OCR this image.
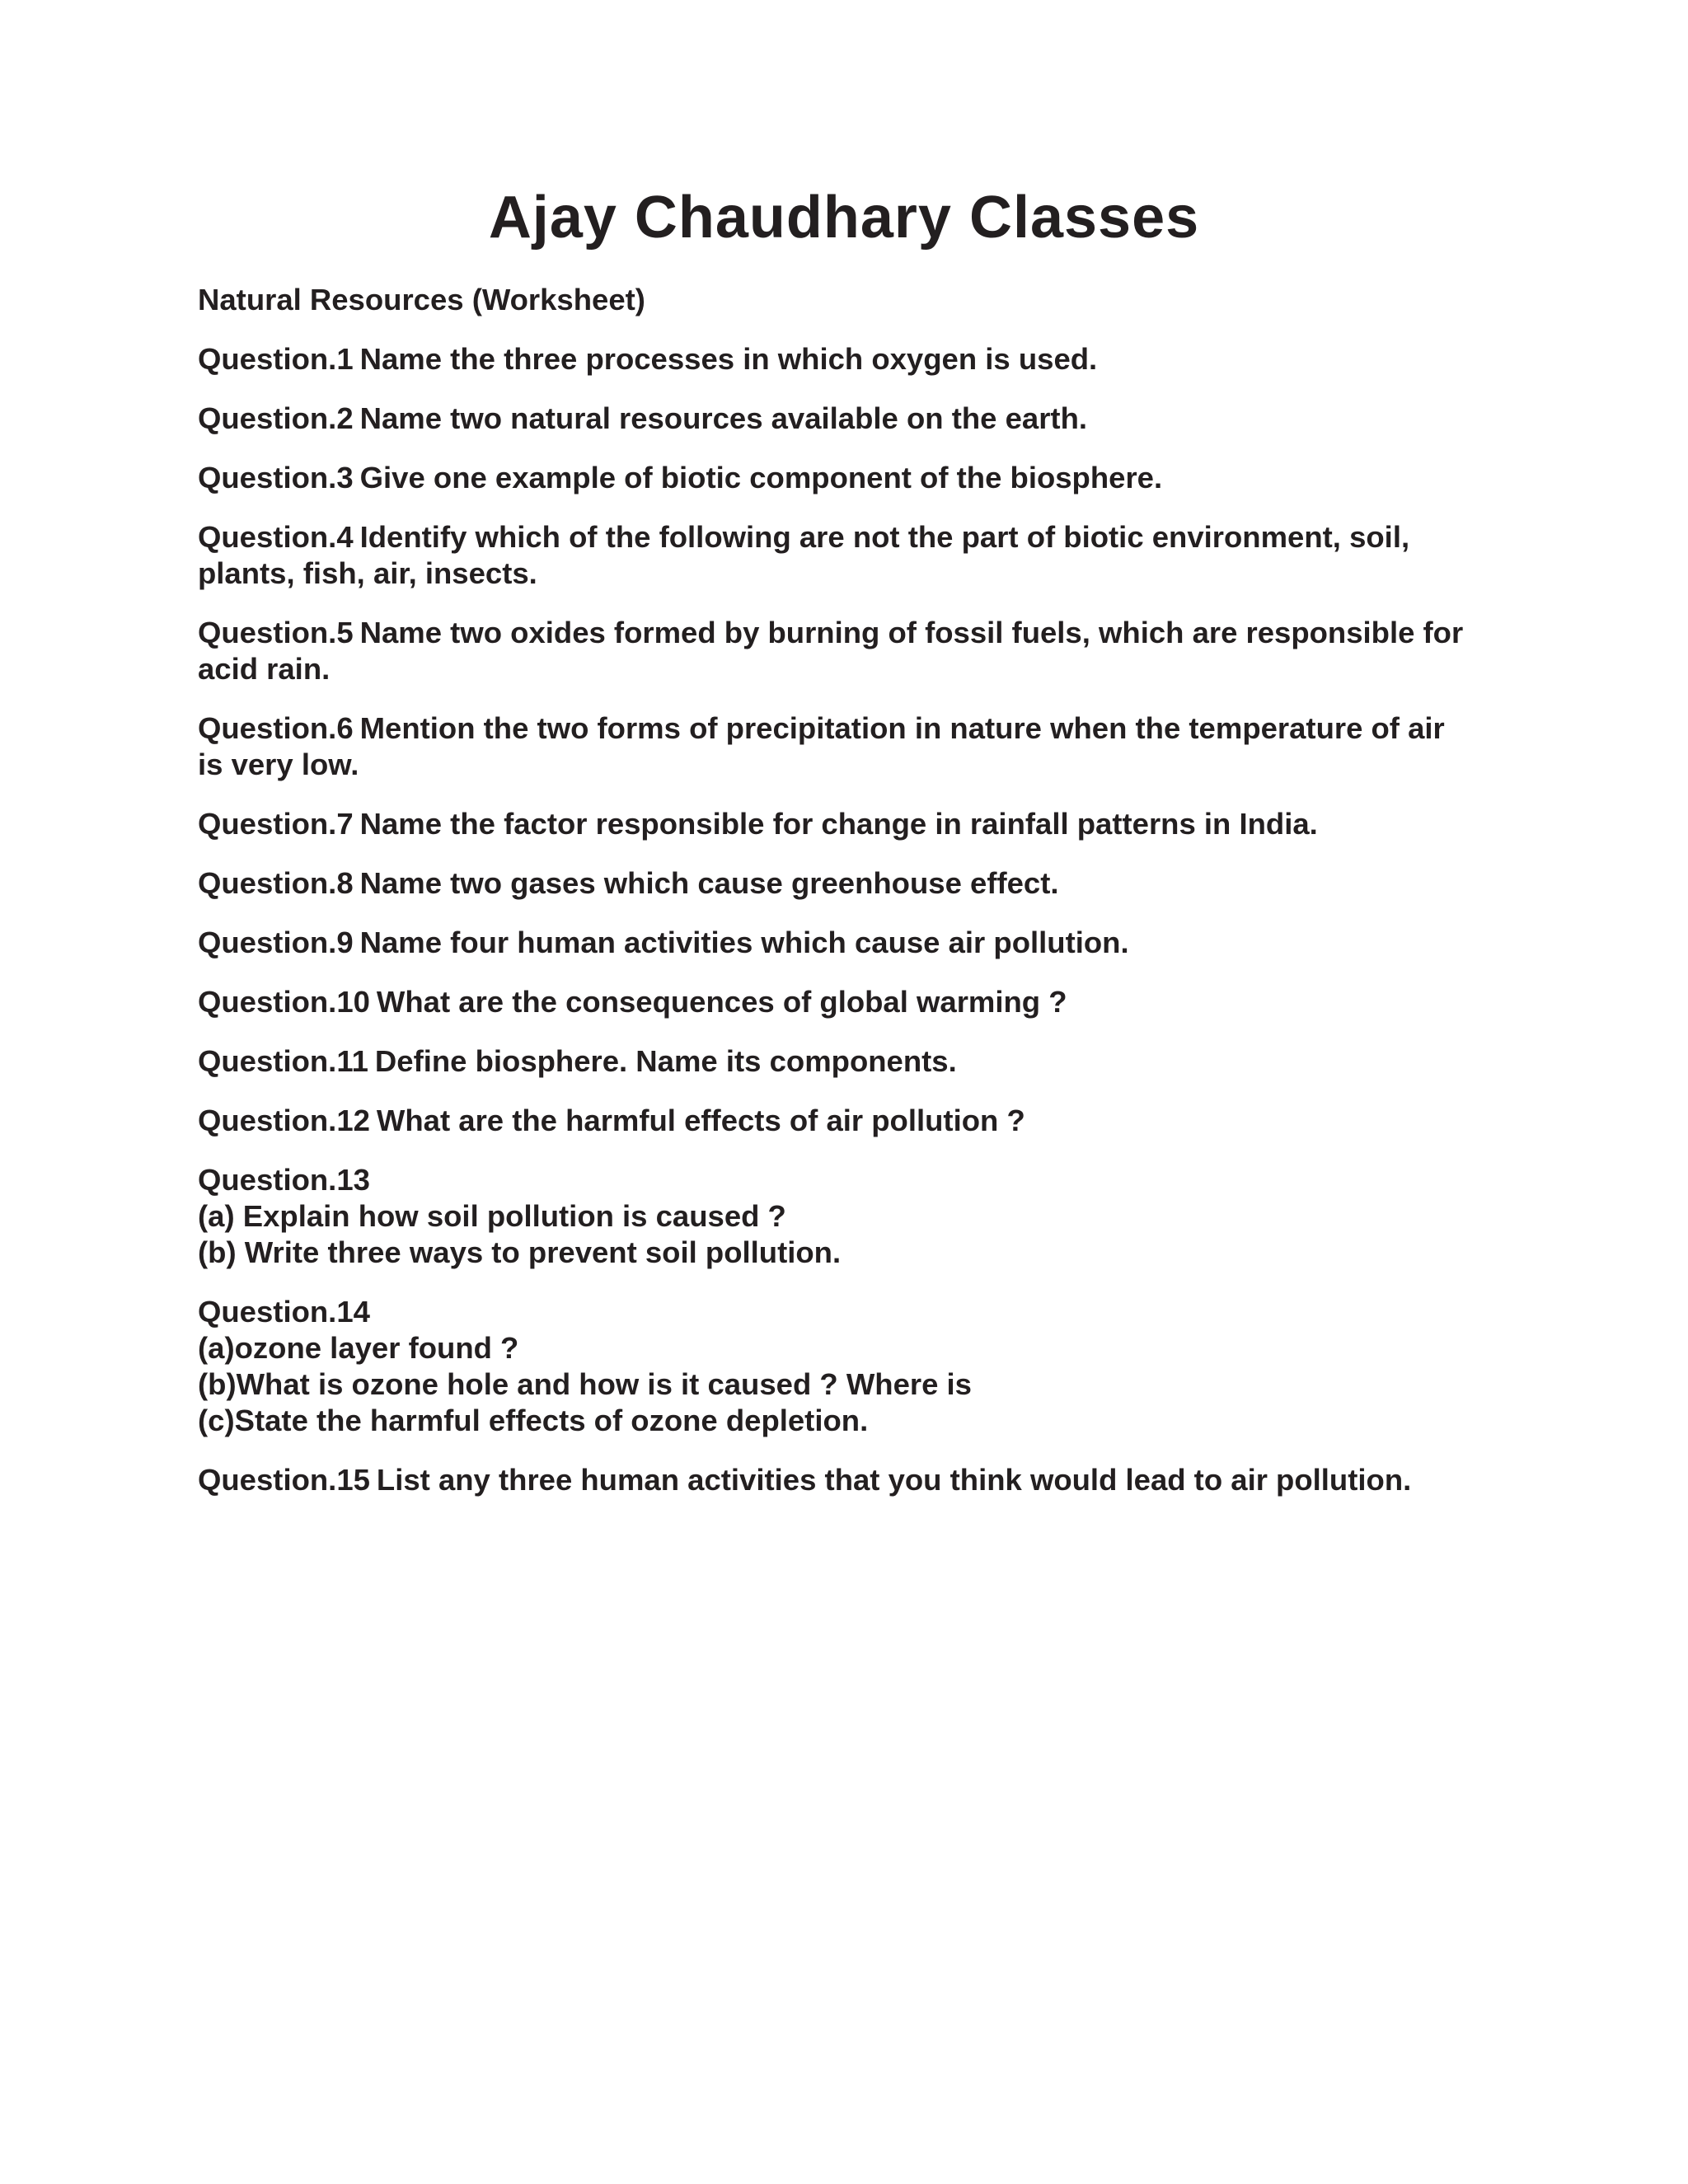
Ajay Chaudhary Classes
Natural Resources (Worksheet)
Question.1 Name the three processes in which oxygen is used.
Question.2 Name two natural resources available on the earth.
Question.3 Give one example of biotic component of the biosphere.
Question.4 Identify which of the following are not the part of biotic environment, soil,
plants, fish, air, insects.
Question.5 Name two oxides formed by burning of fossil fuels, which are responsible for
acid rain.
Question.6 Mention the two forms of precipitation in nature when the temperature of air
is very low.
Question.7 Name the factor responsible for change in rainfall patterns in India.
Question.8 Name two gases which cause greenhouse effect.
Question.9 Name four human activities which cause air pollution.
Question.10 What are the consequences of global warming ?
Question.11 Define biosphere. Name its components.
Question.12 What are the harmful effects of air pollution ?
Question.13
(a) Explain how soil pollution is caused ?
(b) Write three ways to prevent soil pollution.
Question.14
(a)ozone layer found ?
(b)What is ozone hole and how is it caused ? Where is
(c)State the harmful effects of ozone depletion.
Question.15 List any three human activities that you think would lead to air pollution.
